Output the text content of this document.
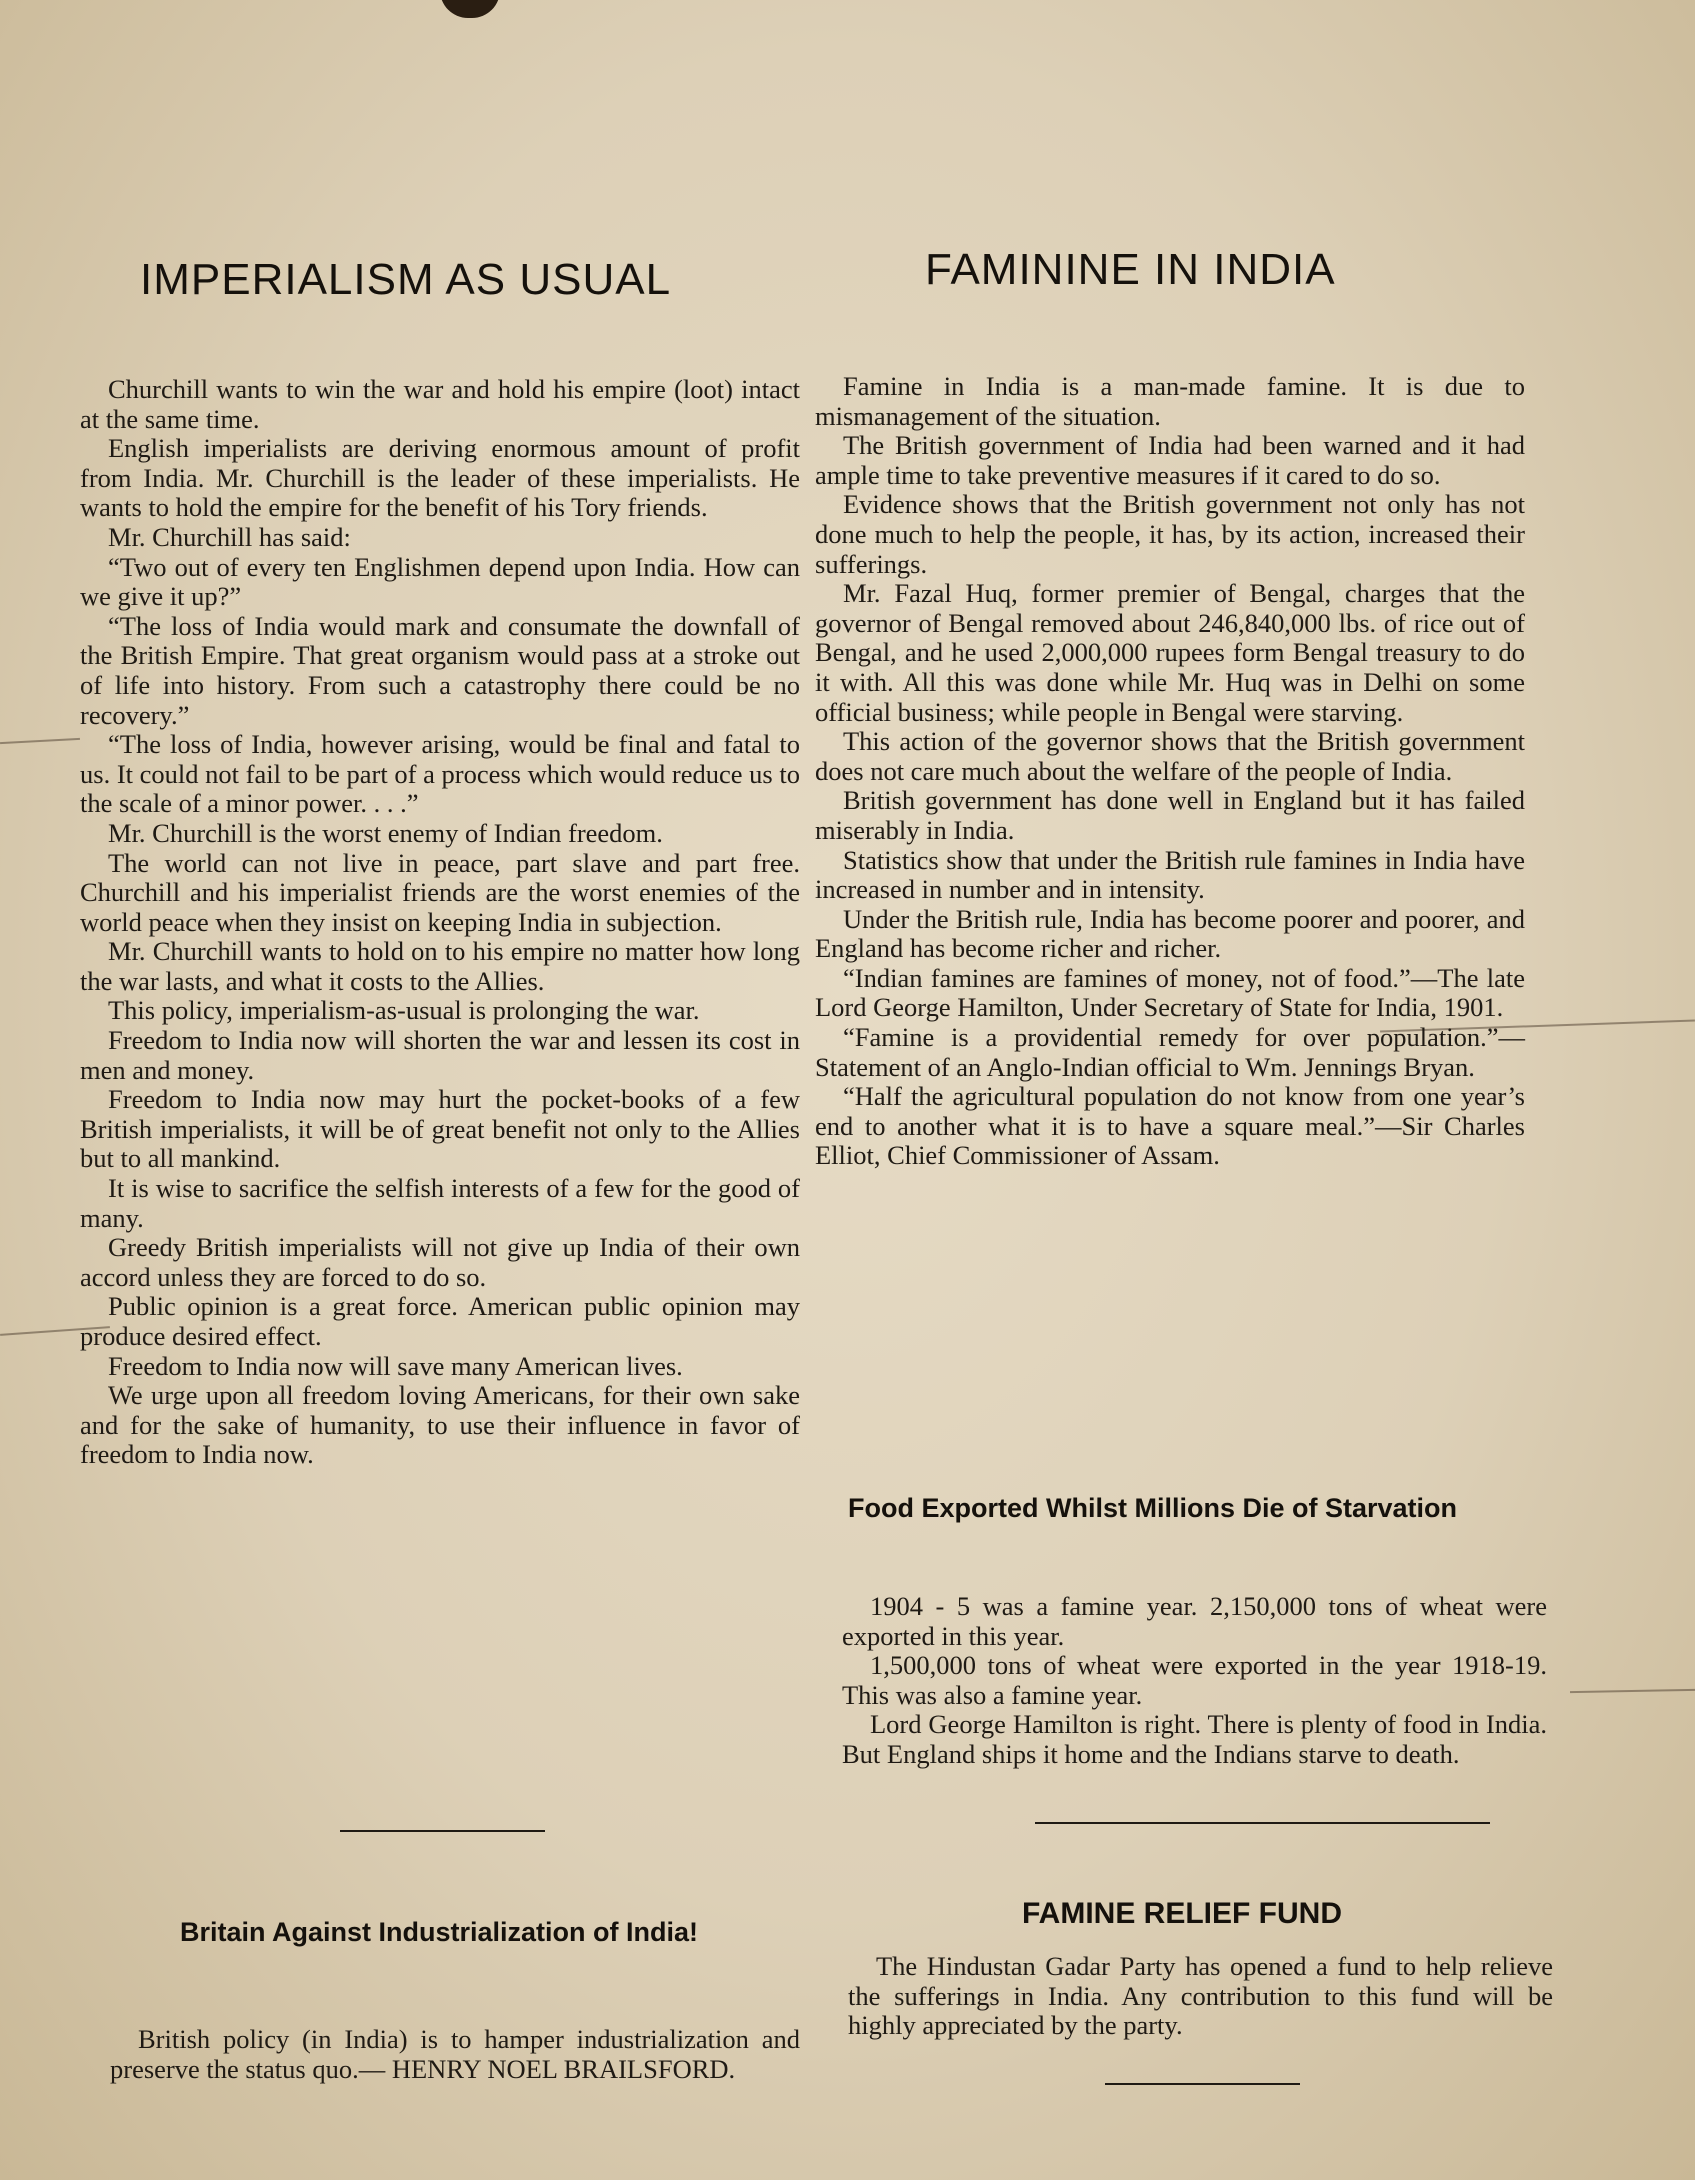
IMPERIALISM AS USUAL

Churchill wants to win the war and hold his empire (loot) intact at the same time.

English imperialists are deriving enormous amount of profit from India. Mr. Churchill is the leader of these imperialists. He wants to hold the empire for the benefit of his Tory friends.

Mr. Churchill has said:

“Two out of every ten Englishmen depend upon India. How can we give it up?”

“The loss of India would mark and consumate the downfall of the British Empire. That great organism would pass at a stroke out of life into history. From such a catastrophy there could be no recovery.”

“The loss of India, however arising, would be final and fatal to us. It could not fail to be part of a process which would reduce us to the scale of a minor power. . . .”

Mr. Churchill is the worst enemy of Indian freedom.

The world can not live in peace, part slave and part free. Churchill and his imperialist friends are the worst enemies of the world peace when they insist on keeping India in subjection.

Mr. Churchill wants to hold on to his empire no matter how long the war lasts, and what it costs to the Allies.

This policy, imperialism-as-usual is prolonging the war.

Freedom to India now will shorten the war and lessen its cost in men and money.

Freedom to India now may hurt the pocket-books of a few British imperialists, it will be of great benefit not only to the Allies but to all mankind.

It is wise to sacrifice the selfish interests of a few for the good of many.

Greedy British imperialists will not give up India of their own accord unless they are forced to do so.

Public opinion is a great force. American public opinion may produce desired effect.

Freedom to India now will save many American lives.

We urge upon all freedom loving Americans, for their own sake and for the sake of humanity, to use their influence in favor of freedom to India now.

Britain Against Industrialization of India!

British policy (in India) is to hamper industrialization and preserve the status quo.— HENRY NOEL BRAILSFORD.

FAMININE IN INDIA

Famine in India is a man-made famine. It is due to mismanagement of the situation.

The British government of India had been warned and it had ample time to take preventive measures if it cared to do so.

Evidence shows that the British government not only has not done much to help the people, it has, by its action, increased their sufferings.

Mr. Fazal Huq, former premier of Bengal, charges that the governor of Bengal removed about 246,840,000 lbs. of rice out of Bengal, and he used 2,000,000 rupees form Bengal treasury to do it with. All this was done while Mr. Huq was in Delhi on some official business; while people in Bengal were starving.

This action of the governor shows that the British government does not care much about the welfare of the people of India.

British government has done well in England but it has failed miserably in India.

Statistics show that under the British rule famines in India have increased in number and in intensity.

Under the British rule, India has become poorer and poorer, and England has become richer and richer.

“Indian famines are famines of money, not of food.”—The late Lord George Hamilton, Under Secretary of State for India, 1901.

“Famine is a providential remedy for over population.”—Statement of an Anglo-Indian official to Wm. Jennings Bryan.

“Half the agricultural population do not know from one year’s end to another what it is to have a square meal.”—Sir Charles Elliot, Chief Commissioner of Assam.

Food Exported Whilst Millions Die of Starvation

1904 - 5 was a famine year. 2,150,000 tons of wheat were exported in this year.

1,500,000 tons of wheat were exported in the year 1918-19. This was also a famine year.

Lord George Hamilton is right. There is plenty of food in India. But England ships it home and the Indians starve to death.

FAMINE RELIEF FUND

The Hindustan Gadar Party has opened a fund to help relieve the sufferings in India. Any contribution to this fund will be highly appreciated by the party.
